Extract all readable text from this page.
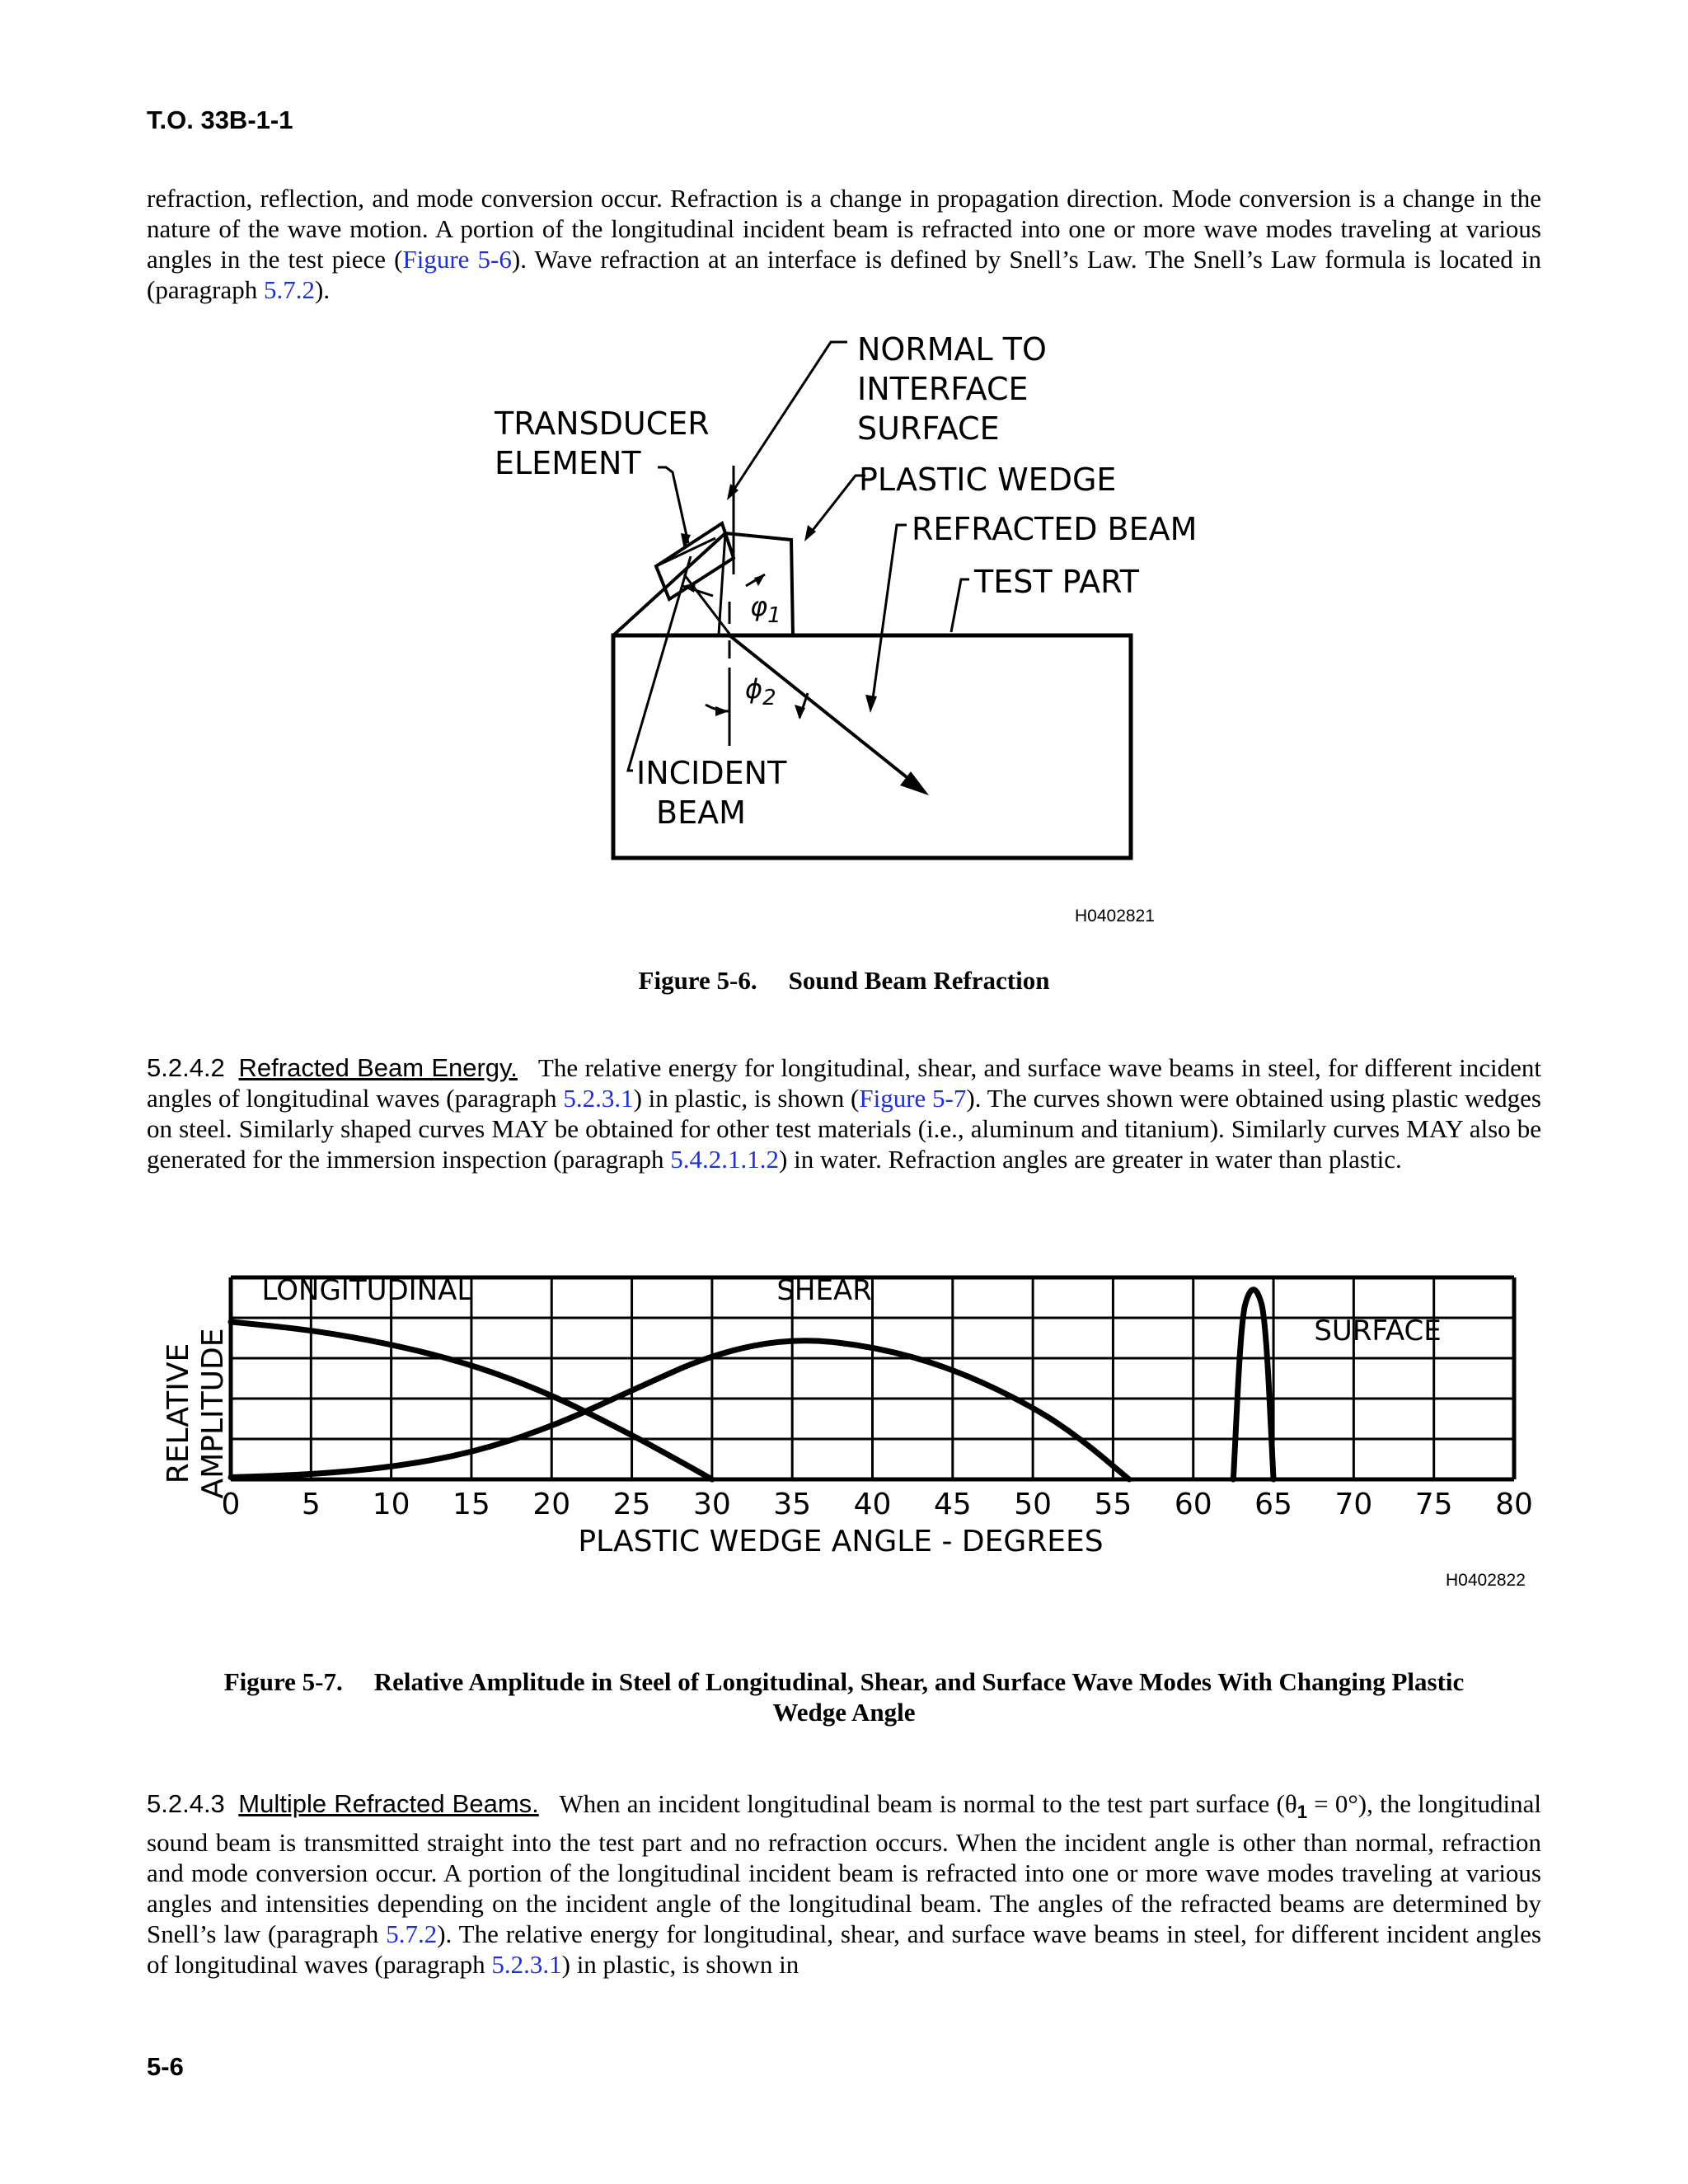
T.O. 33B-1-1

refraction, reflection, and mode conversion occur. Refraction is a change in propagation direction. Mode conversion is a change in the nature of the wave motion. A portion of the longitudinal incident beam is refracted into one or more wave modes traveling at various angles in the test piece (Figure 5-6). Wave refraction at an interface is defined by Snell’s Law. The Snell’s Law formula is located in (paragraph 5.7.2).

NORMAL TO
INTERFACE
SURFACE
TRANSDUCER
ELEMENT	PLASTIC WEDGE
REFRACTED BEAM
TEST PART
$\varphi_1$
$\phi_2$
INCIDENT
BEAM
H0402821
Figure 5-6. Sound Beam Refraction

5.2.4.2 Refracted Beam Energy. The relative energy for longitudinal, shear, and surface wave beams in steel, for different incident angles of longitudinal waves (paragraph 5.2.3.1) in plastic, is shown (Figure 5-7). The curves shown were obtained using plastic wedges on steel. Similarly shaped curves MAY be obtained for other test materials (i.e., aluminum and titanium). Similarly curves MAY also be generated for the immersion inspection (paragraph 5.4.2.1.1.2) in water. Refraction angles are greater in water than plastic.

0 5 10 15 20 25 30 35 40 45 50 55 60 65 70 75 80
RELATIVE AMPLITUDE
PLASTIC WEDGE ANGLE - DEGREES
LONGITUDINAL	SHEAR
SURFACE
H0402822
Figure 5-7. Relative Amplitude in Steel of Longitudinal, Shear, and Surface Wave Modes With Changing Plastic
Wedge Angle

5.2.4.3 Multiple Refracted Beams. When an incident longitudinal beam is normal to the test part surface $(\theta_1 = 0^\circ)$, the longitudinal sound beam is transmitted straight into the test part and no refraction occurs. When the incident angle is other than normal, refraction and mode conversion occur. A portion of the longitudinal incident beam is refracted into one or more wave modes traveling at various angles and intensities depending on the incident angle of the longitudinal beam. The angles of the refracted beams are determined by Snell’s law (paragraph 5.7.2). The relative energy for longitudinal, shear, and surface wave beams in steel, for different incident angles of longitudinal waves (paragraph 5.2.3.1) in plastic, is shown in

5-6
